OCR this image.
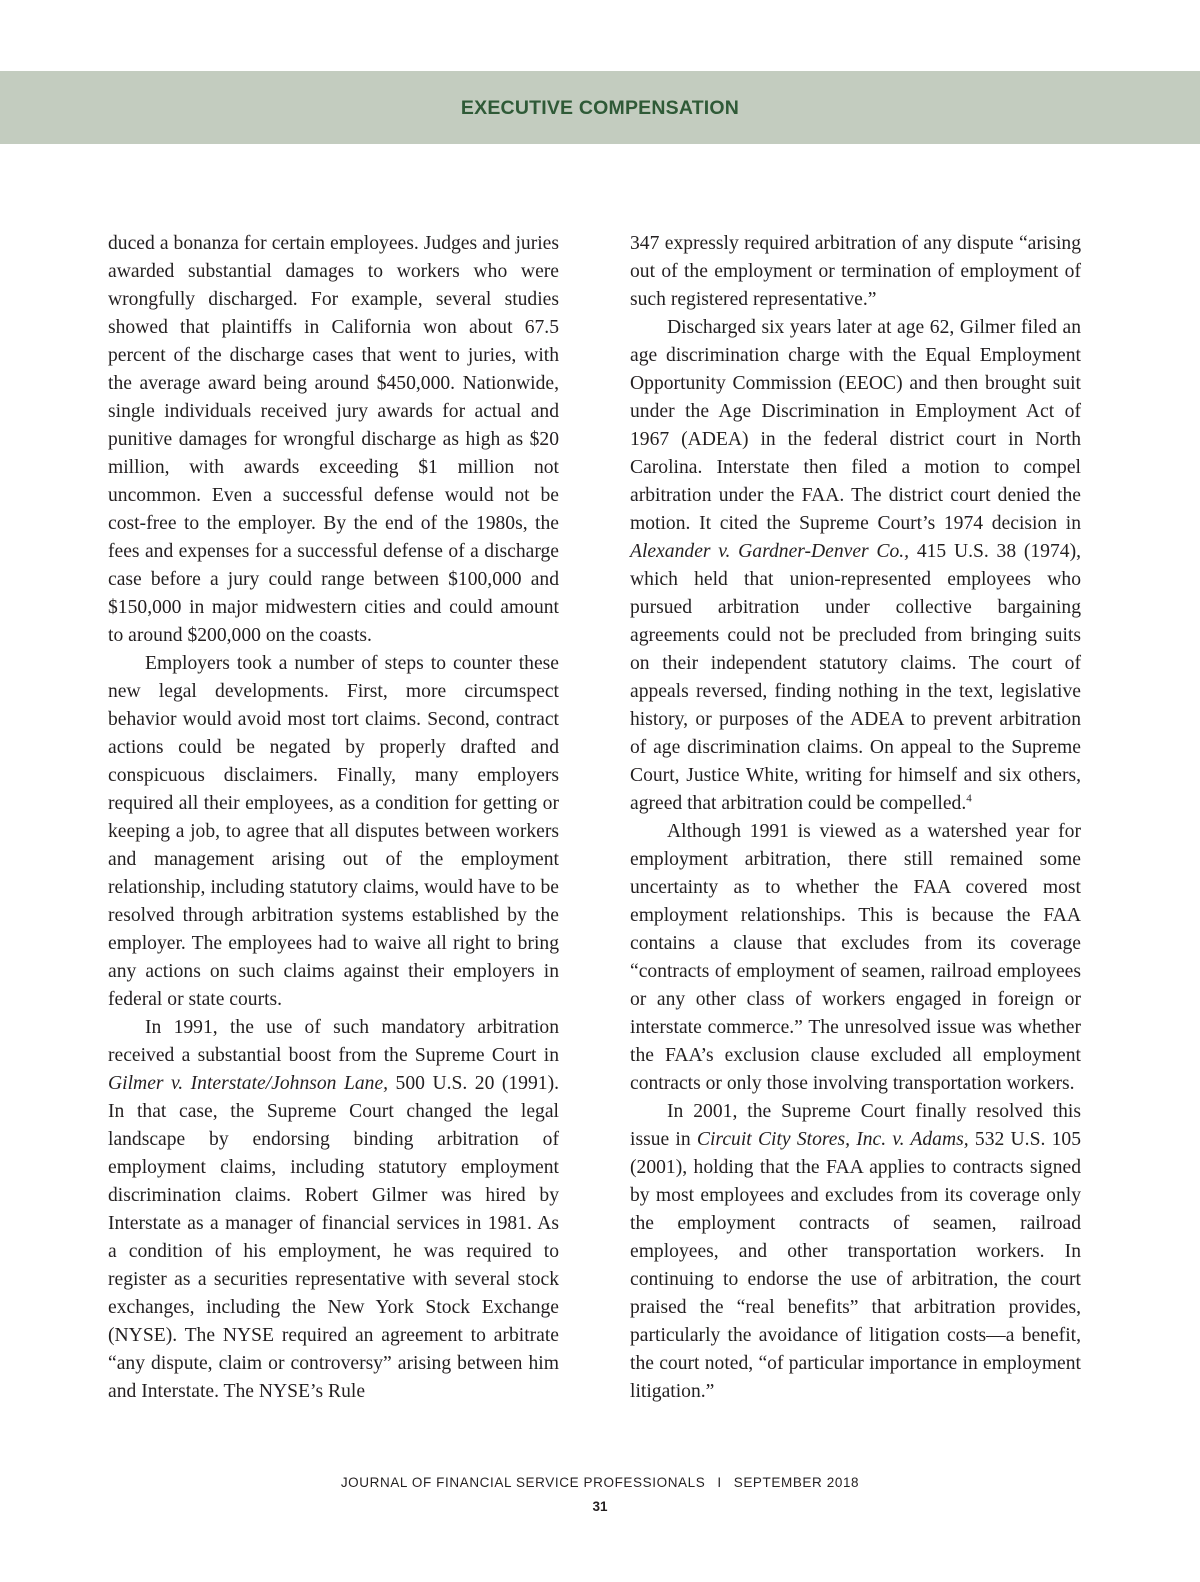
EXECUTIVE COMPENSATION

duced a bonanza for certain employees. Judges and juries awarded substantial damages to workers who were wrongfully discharged. For example, several studies showed that plaintiffs in California won about 67.5 percent of the discharge cases that went to juries, with the average award being around $450,000. Nationwide, single individuals received jury awards for actual and punitive damages for wrongful discharge as high as $20 million, with awards exceeding $1 million not uncommon. Even a successful defense would not be cost-free to the employer. By the end of the 1980s, the fees and expenses for a successful defense of a discharge case before a jury could range between $100,000 and $150,000 in major midwestern cities and could amount to around $200,000 on the coasts.

Employers took a number of steps to counter these new legal developments. First, more circumspect behavior would avoid most tort claims. Second, contract actions could be negated by properly drafted and conspicuous disclaimers. Finally, many employers required all their employees, as a condition for getting or keeping a job, to agree that all disputes between workers and management arising out of the employment relationship, including statutory claims, would have to be resolved through arbitration systems established by the employer. The employees had to waive all right to bring any actions on such claims against their employers in federal or state courts.

In 1991, the use of such mandatory arbitration received a substantial boost from the Supreme Court in Gilmer v. Interstate/Johnson Lane, 500 U.S. 20 (1991). In that case, the Supreme Court changed the legal landscape by endorsing binding arbitration of employment claims, including statutory employment discrimination claims. Robert Gilmer was hired by Interstate as a manager of financial services in 1981. As a condition of his employment, he was required to register as a securities representative with several stock exchanges, including the New York Stock Exchange (NYSE). The NYSE required an agreement to arbitrate “any dispute, claim or controversy” arising between him and Interstate. The NYSE’s Rule

347 expressly required arbitration of any dispute “arising out of the employment or termination of employment of such registered representative.”

Discharged six years later at age 62, Gilmer filed an age discrimination charge with the Equal Employment Opportunity Commission (EEOC) and then brought suit under the Age Discrimination in Employment Act of 1967 (ADEA) in the federal district court in North Carolina. Interstate then filed a motion to compel arbitration under the FAA. The district court denied the motion. It cited the Supreme Court’s 1974 decision in Alexander v. Gardner-Denver Co., 415 U.S. 38 (1974), which held that union-represented employees who pursued arbitration under collective bargaining agreements could not be precluded from bringing suits on their independent statutory claims. The court of appeals reversed, finding nothing in the text, legislative history, or purposes of the ADEA to prevent arbitration of age discrimination claims. On appeal to the Supreme Court, Justice White, writing for himself and six others, agreed that arbitration could be compelled.$^4$

Although 1991 is viewed as a watershed year for employment arbitration, there still remained some uncertainty as to whether the FAA covered most employment relationships. This is because the FAA contains a clause that excludes from its coverage “contracts of employment of seamen, railroad employees or any other class of workers engaged in foreign or interstate commerce.” The unresolved issue was whether the FAA’s exclusion clause excluded all employment contracts or only those involving transportation workers.

In 2001, the Supreme Court finally resolved this issue in Circuit City Stores, Inc. v. Adams, 532 U.S. 105 (2001), holding that the FAA applies to contracts signed by most employees and excludes from its coverage only the employment contracts of seamen, railroad employees, and other transportation workers. In continuing to endorse the use of arbitration, the court praised the “real benefits” that arbitration provides, particularly the avoidance of litigation costs—a benefit, the court noted, “of particular importance in employment litigation.”

JOURNAL OF FINANCIAL SERVICE PROFESSIONALS I SEPTEMBER 2018
31
